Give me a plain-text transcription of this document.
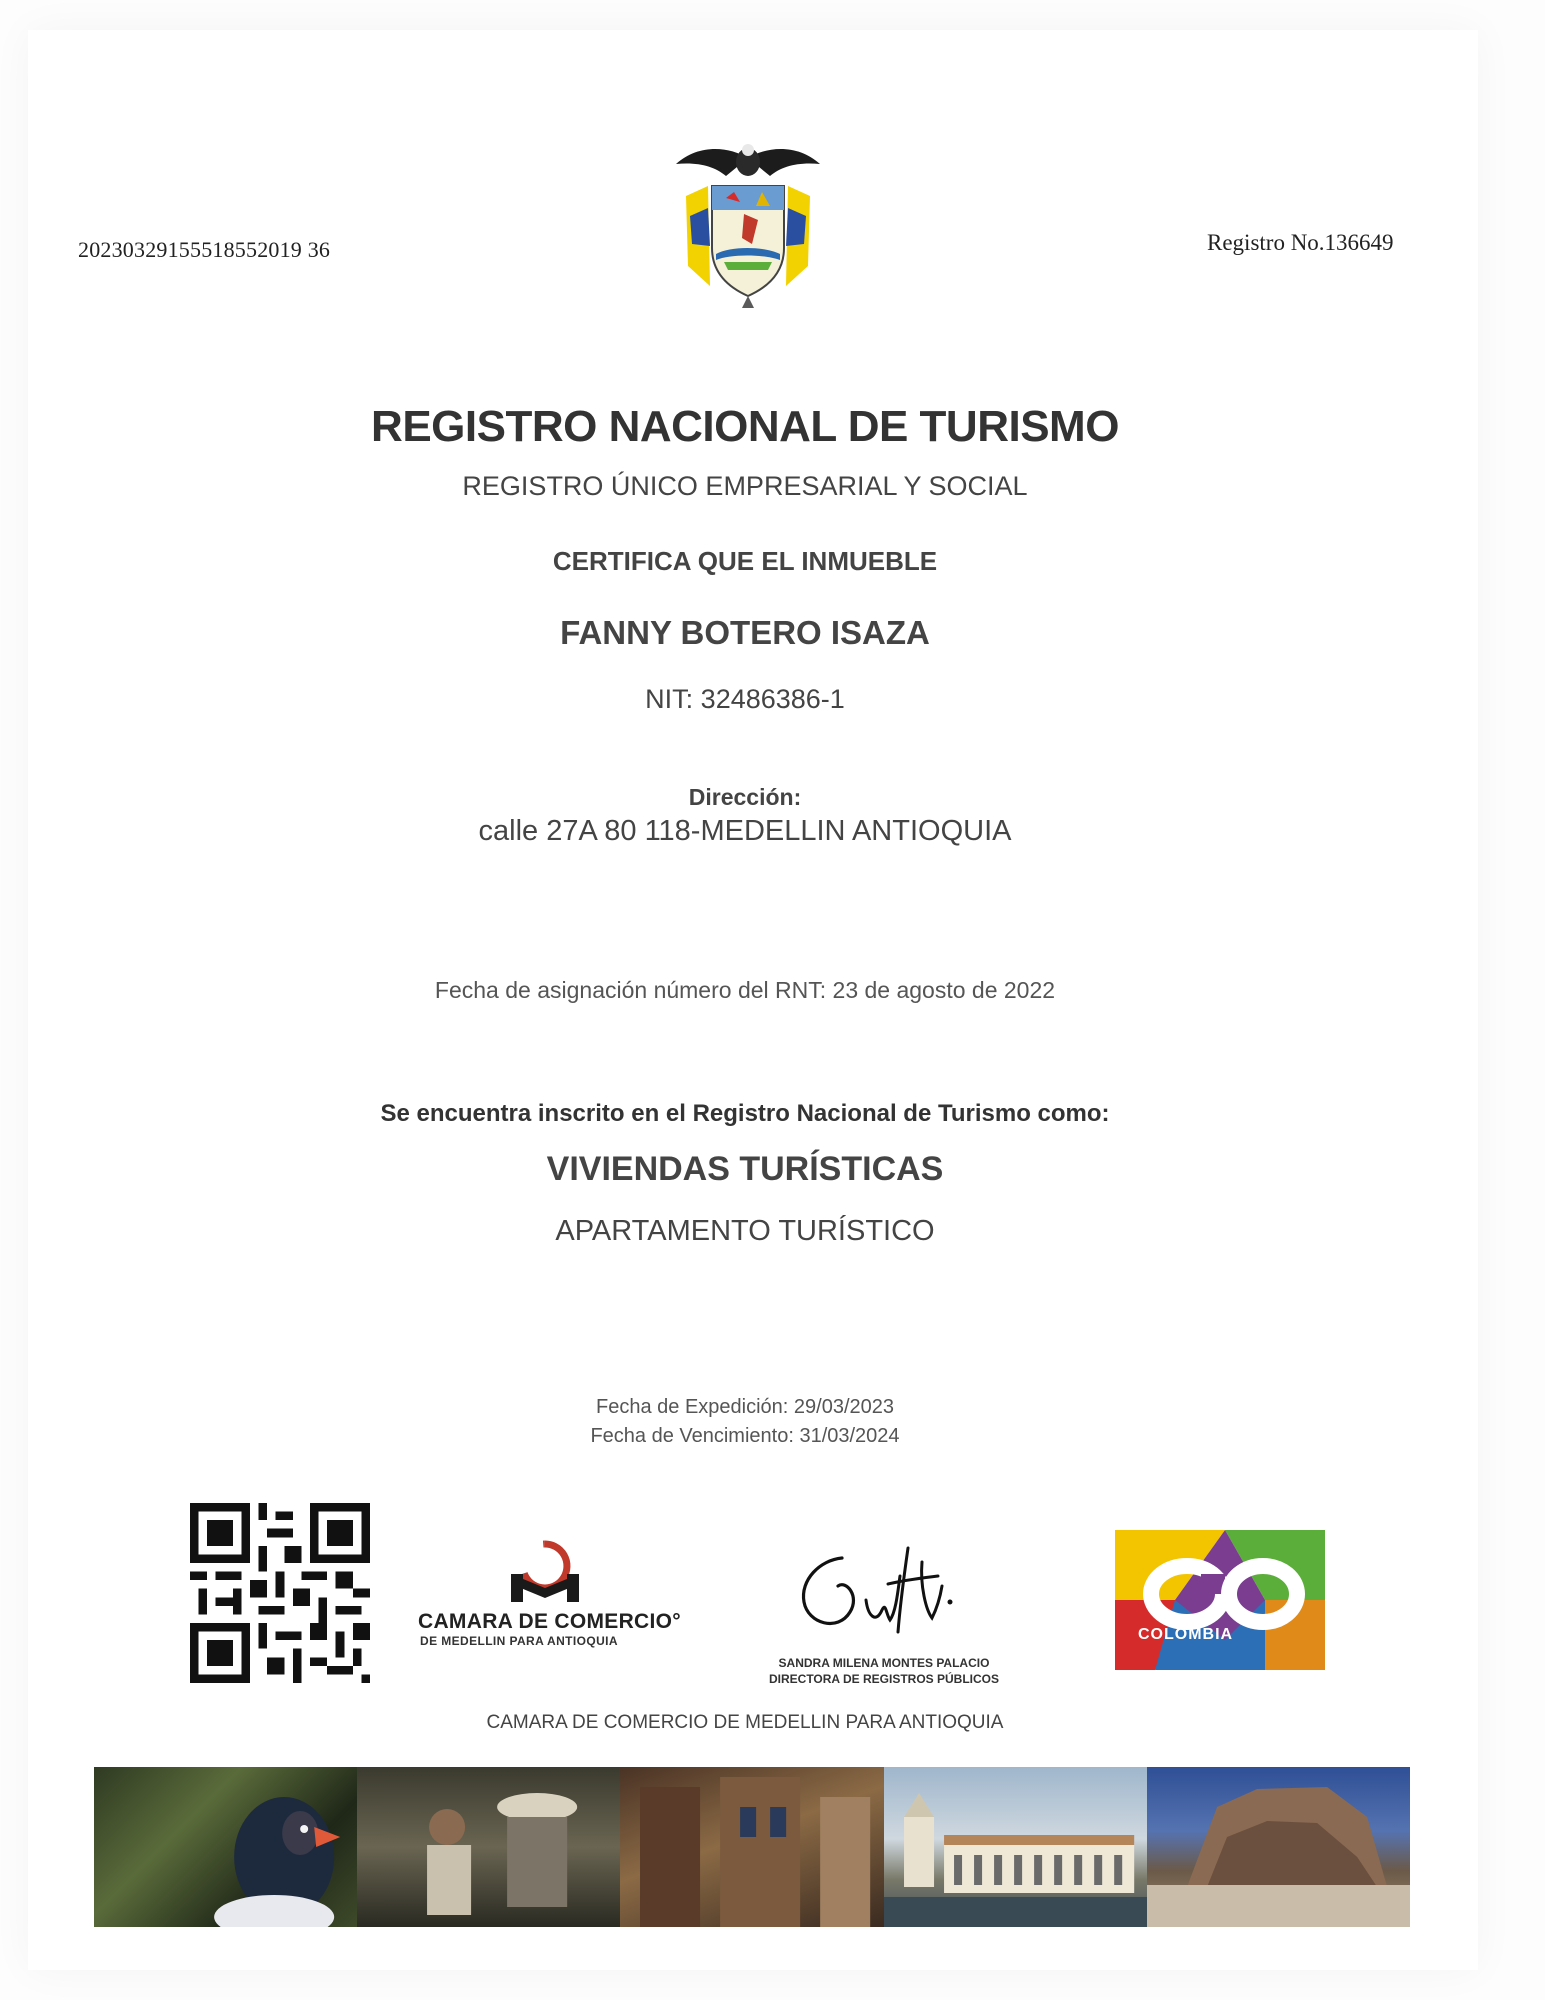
20230329155518552019 36	Registro No.136649
REGISTRO NACIONAL DE TURISMO
REGISTRO ÚNICO EMPRESARIAL Y SOCIAL
CERTIFICA QUE EL INMUEBLE
FANNY BOTERO ISAZA
NIT: 32486386-1
Dirección:
calle 27A 80 118-MEDELLIN ANTIOQUIA
Fecha de asignación número del RNT: 23 de agosto de 2022
Se encuentra inscrito en el Registro Nacional de Turismo como:
VIVIENDAS TURÍSTICAS
APARTAMENTO TURÍSTICO
Fecha de Expedición: 29/03/2023
Fecha de Vencimiento: 31/03/2024
CAMARA DE COMERCIO°
DE MEDELLIN PARA ANTIOQUIA
SANDRA MILENA MONTES PALACIO
DIRECTORA DE REGISTROS PÚBLICOS
COLOMBIA
CAMARA DE COMERCIO DE MEDELLIN PARA ANTIOQUIA
